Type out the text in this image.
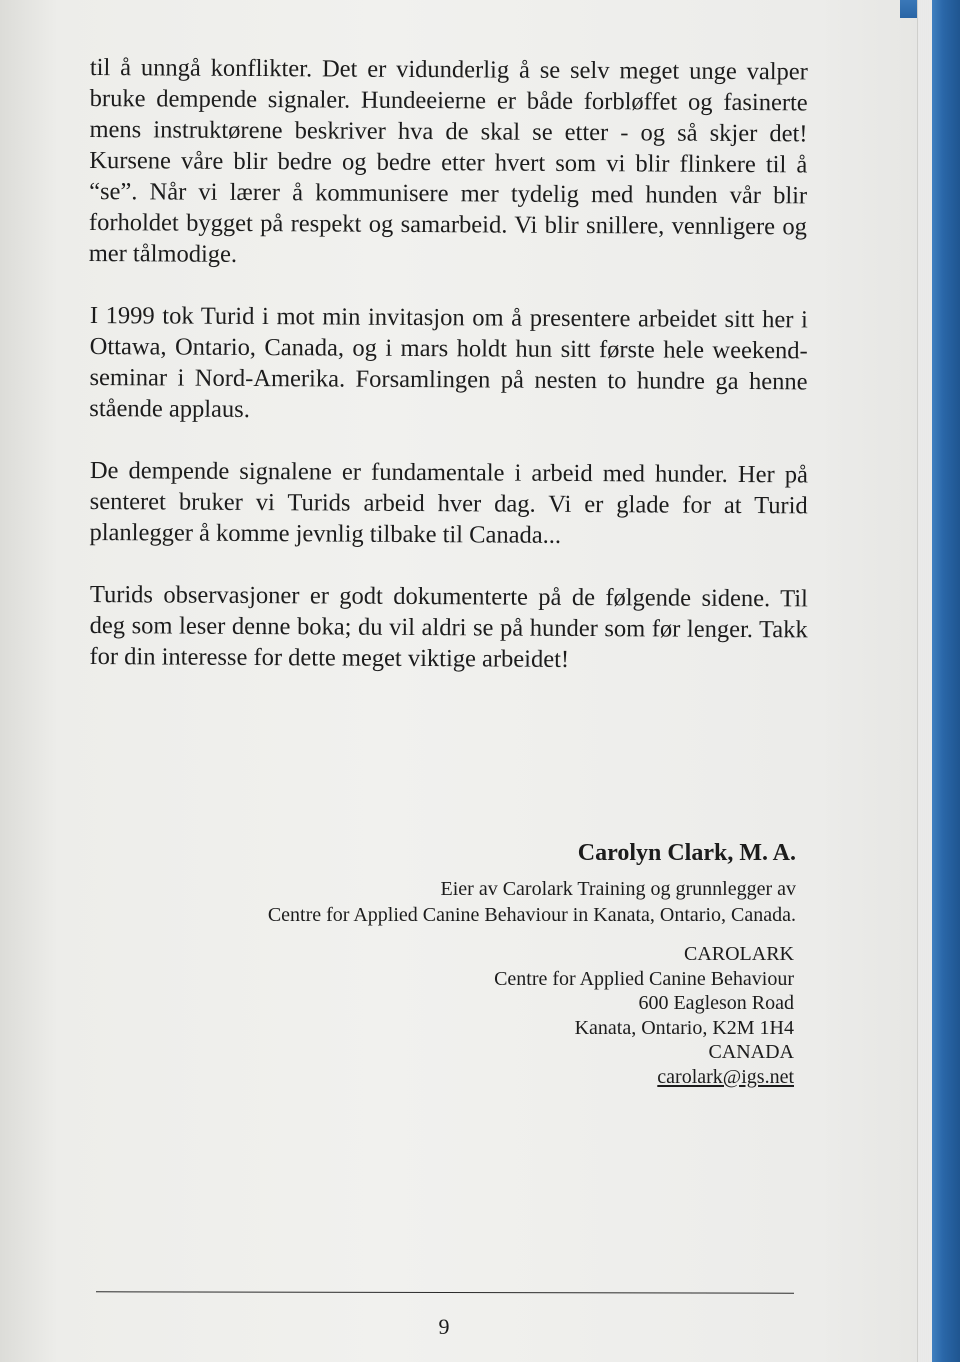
til å unngå konflikter. Det er vidunderlig å se selv meget unge valper bruke dempende signaler. Hundeeierne er både forbløffet og fasinerte mens instruktørene beskriver hva de skal se etter - og så skjer det! Kursene våre blir bedre og bedre etter hvert som vi blir flinkere til å “se”. Når vi lærer å kommunisere mer tydelig med hunden vår blir forholdet bygget på respekt og samarbeid. Vi blir snillere, vennligere og mer tålmodige.

I 1999 tok Turid i mot min invitasjon om å presentere arbeidet sitt her i Ottawa, Ontario, Canada, og i mars holdt hun sitt første hele weekend-seminar i Nord-Amerika. Forsamlingen på nesten to hundre ga henne stående applaus.

De dempende signalene er fundamentale i arbeid med hunder. Her på senteret bruker vi Turids arbeid hver dag. Vi er glade for at Turid planlegger å komme jevnlig tilbake til Canada...

Turids observasjoner er godt dokumenterte på de følgende sidene. Til deg som leser denne boka; du vil aldri se på hunder som før lenger. Takk for din interesse for dette meget viktige arbeidet!

Carolyn Clark, M. A.

Eier av Carolark Training og grunnlegger av

Centre for Applied Canine Behaviour in Kanata, Ontario, Canada.

CAROLARK

Centre for Applied Canine Behaviour

600 Eagleson Road

Kanata, Ontario, K2M 1H4

CANADA

carolark@igs.net

9
